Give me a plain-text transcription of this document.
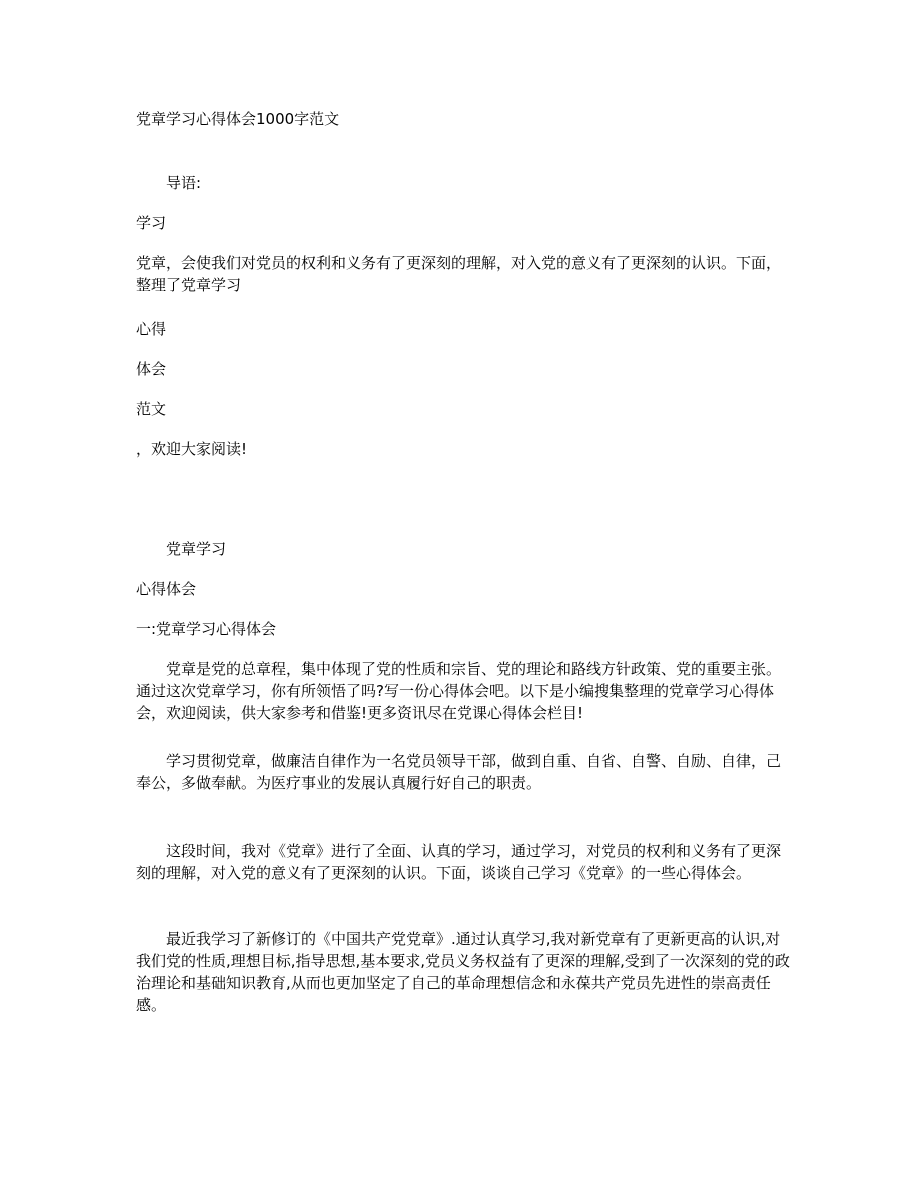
党章学习心得体会1000字范文

　　导语:

学习

党章，会使我们对党员的权利和义务有了更深刻的理解，对入党的意义有了更深刻的认识。下面，整理了党章学习

心得

体会

范文

，欢迎大家阅读!

　　党章学习

心得体会

一:党章学习心得体会

　　党章是党的总章程，集中体现了党的性质和宗旨、党的理论和路线方针政策、党的重要主张。通过这次党章学习，你有所领悟了吗?写一份心得体会吧。以下是小编搜集整理的党章学习心得体会，欢迎阅读，供大家参考和借鉴!更多资讯尽在党课心得体会栏目!

　　学习贯彻党章，做廉洁自律作为一名党员领导干部，做到自重、自省、自警、自励、自律，己奉公，多做奉献。为医疗事业的发展认真履行好自己的职责。

　　这段时间，我对《党章》进行了全面、认真的学习，通过学习，对党员的权利和义务有了更深刻的理解，对入党的意义有了更深刻的认识。下面，谈谈自己学习《党章》的一些心得体会。

　　最近我学习了新修订的《中国共产党党章》.通过认真学习,我对新党章有了更新更高的认识,对我们党的性质,理想目标,指导思想,基本要求,党员义务权益有了更深的理解,受到了一次深刻的党的政治理论和基础知识教育,从而也更加坚定了自己的革命理想信念和永葆共产党员先进性的崇高责任感。
